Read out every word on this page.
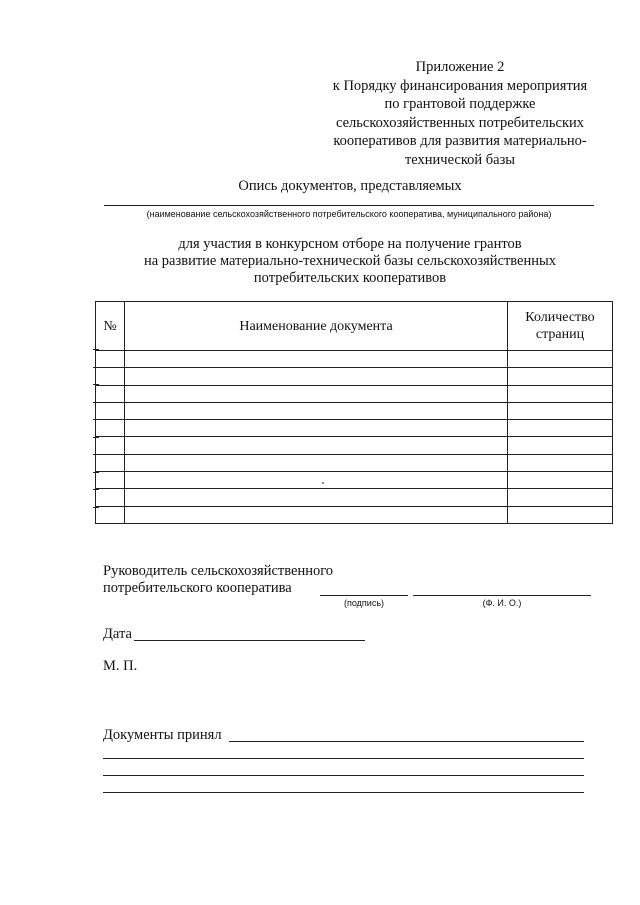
Приложение 2
к Порядку финансирования мероприятия
по грантовой поддержке
сельскохозяйственных потребительских
кооперативов для развития материально-
технической базы
Опись документов, представляемых
(наименование сельскохозяйственного потребительского кооператива, муниципального района)
для участия в конкурсном отборе на получение грантов
на развитие материально-технической базы сельскохозяйственных
потребительских кооперативов
№	Наименование документа	Количество
страниц

Руководитель сельскохозяйственного
потребительского кооператива
(подпись)	(Ф. И. О.)
Дата
М. П.
Документы принял
